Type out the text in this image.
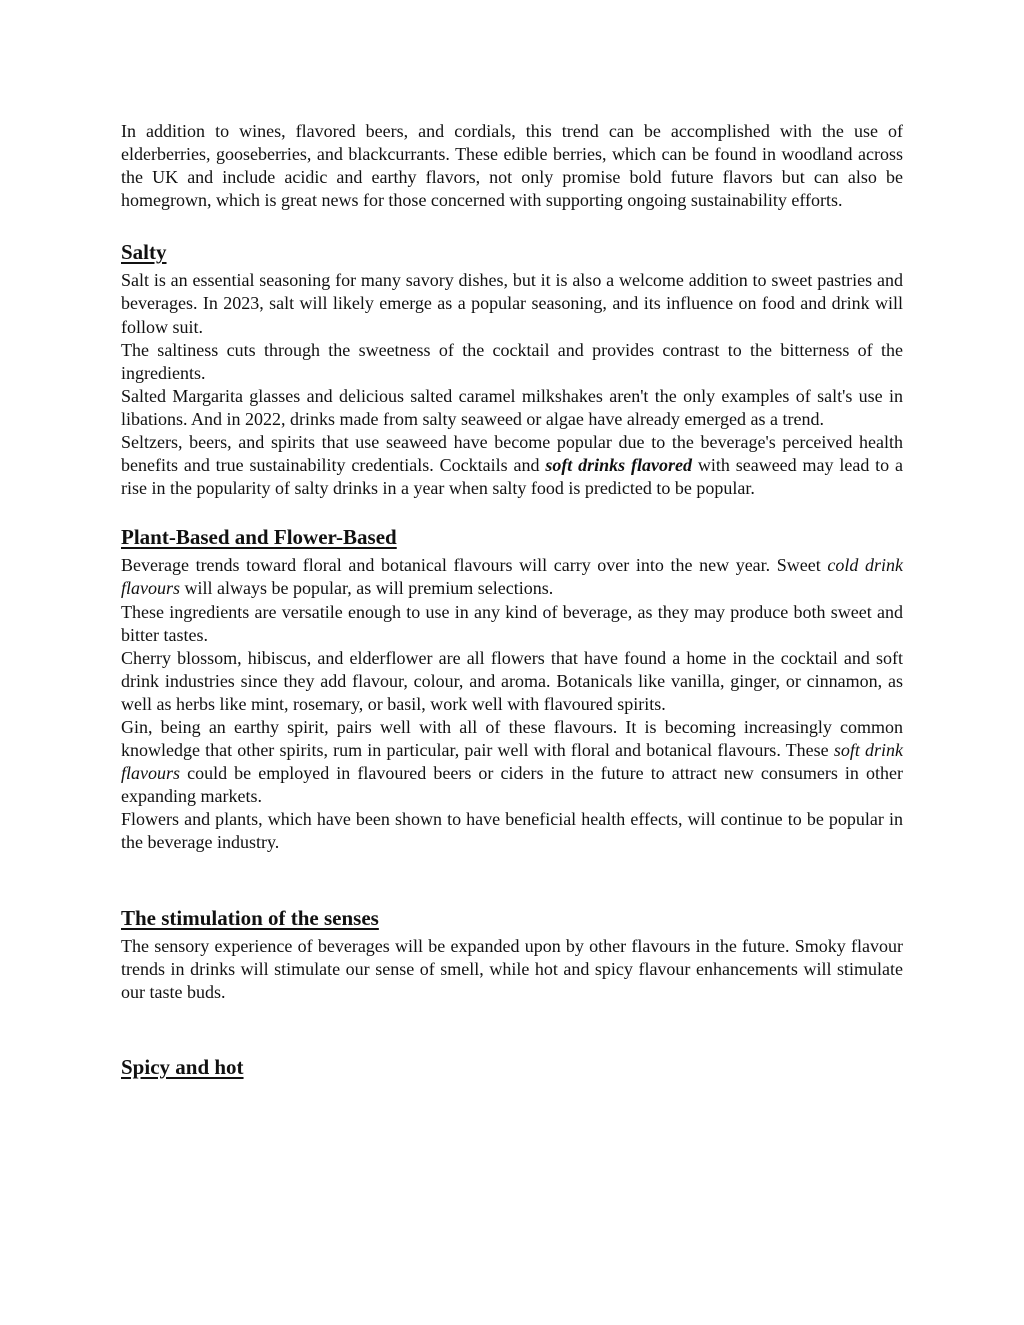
In addition to wines, flavored beers, and cordials, this trend can be accomplished with the use of elderberries, gooseberries, and blackcurrants. These edible berries, which can be found in woodland across the UK and include acidic and earthy flavors, not only promise bold future flavors but can also be homegrown, which is great news for those concerned with supporting ongoing sustainability efforts.

Salty

Salt is an essential seasoning for many savory dishes, but it is also a welcome addition to sweet pastries and beverages. In 2023, salt will likely emerge as a popular seasoning, and its influence on food and drink will follow suit.

The saltiness cuts through the sweetness of the cocktail and provides contrast to the bitterness of the ingredients.

Salted Margarita glasses and delicious salted caramel milkshakes aren't the only examples of salt's use in libations. And in 2022, drinks made from salty seaweed or algae have already emerged as a trend.

Seltzers, beers, and spirits that use seaweed have become popular due to the beverage's perceived health benefits and true sustainability credentials. Cocktails and soft drinks flavored with seaweed may lead to a rise in the popularity of salty drinks in a year when salty food is predicted to be popular.

Plant-Based and Flower-Based

Beverage trends toward floral and botanical flavours will carry over into the new year. Sweet cold drink flavours will always be popular, as will premium selections.

These ingredients are versatile enough to use in any kind of beverage, as they may produce both sweet and bitter tastes.

Cherry blossom, hibiscus, and elderflower are all flowers that have found a home in the cocktail and soft drink industries since they add flavour, colour, and aroma. Botanicals like vanilla, ginger, or cinnamon, as well as herbs like mint, rosemary, or basil, work well with flavoured spirits.

Gin, being an earthy spirit, pairs well with all of these flavours. It is becoming increasingly common knowledge that other spirits, rum in particular, pair well with floral and botanical flavours. These soft drink flavours could be employed in flavoured beers or ciders in the future to attract new consumers in other expanding markets.

Flowers and plants, which have been shown to have beneficial health effects, will continue to be popular in the beverage industry.

The stimulation of the senses

The sensory experience of beverages will be expanded upon by other flavours in the future. Smoky flavour trends in drinks will stimulate our sense of smell, while hot and spicy flavour enhancements will stimulate our taste buds.

Spicy and hot
